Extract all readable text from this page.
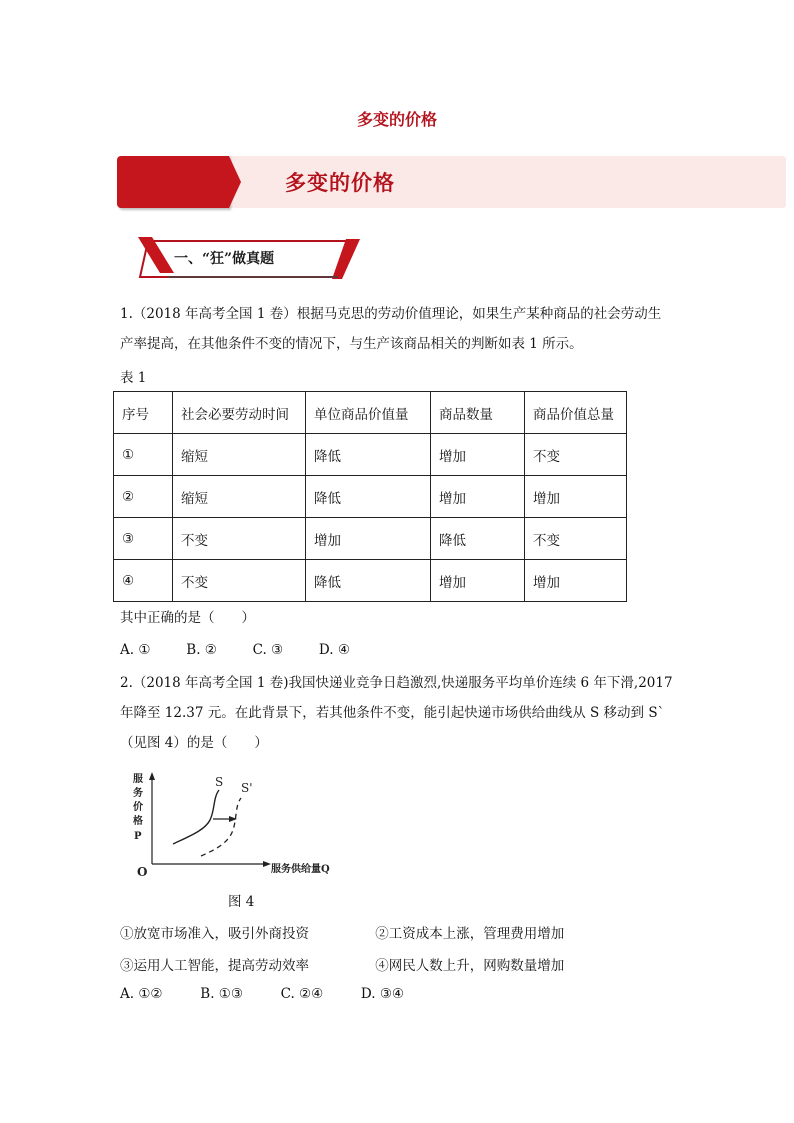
多变的价格
多变的价格
一、“狂”做真题
1.（2018 年高考全国 1 卷）根据马克思的劳动价值理论，如果生产某种商品的社会劳动生
产率提高，在其他条件不变的情况下，与生产该商品相关的判断如表 1 所示。
表 1
序号	社会必要劳动时间	单位商品价值量	商品数量	商品价值总量
①	缩短	降低	增加	不变
②	缩短	降低	增加	增加
③	不变	增加	降低	不变
④	不变	降低	增加	增加
其中正确的是（　　）
A. ①	B. ②	C. ③	D. ④
2.（2018 年高考全国 1 卷)我国快递业竞争日趋激烈,快递服务平均单价连续 6 年下滑,2017
年降至 12.37 元。在此背景下，若其他条件不变，能引起快递市场供给曲线从 S 移动到 S`
（见图 4）的是（　　）
服
务
价
格
P
O	服务供给量Q
S S'
图 4
①放宽市场准入，吸引外商投资	②工资成本上涨，管理费用增加
③运用人工智能，提高劳动效率	④网民人数上升，网购数量增加
A. ①②	B. ①③	C. ②④	D. ③④
